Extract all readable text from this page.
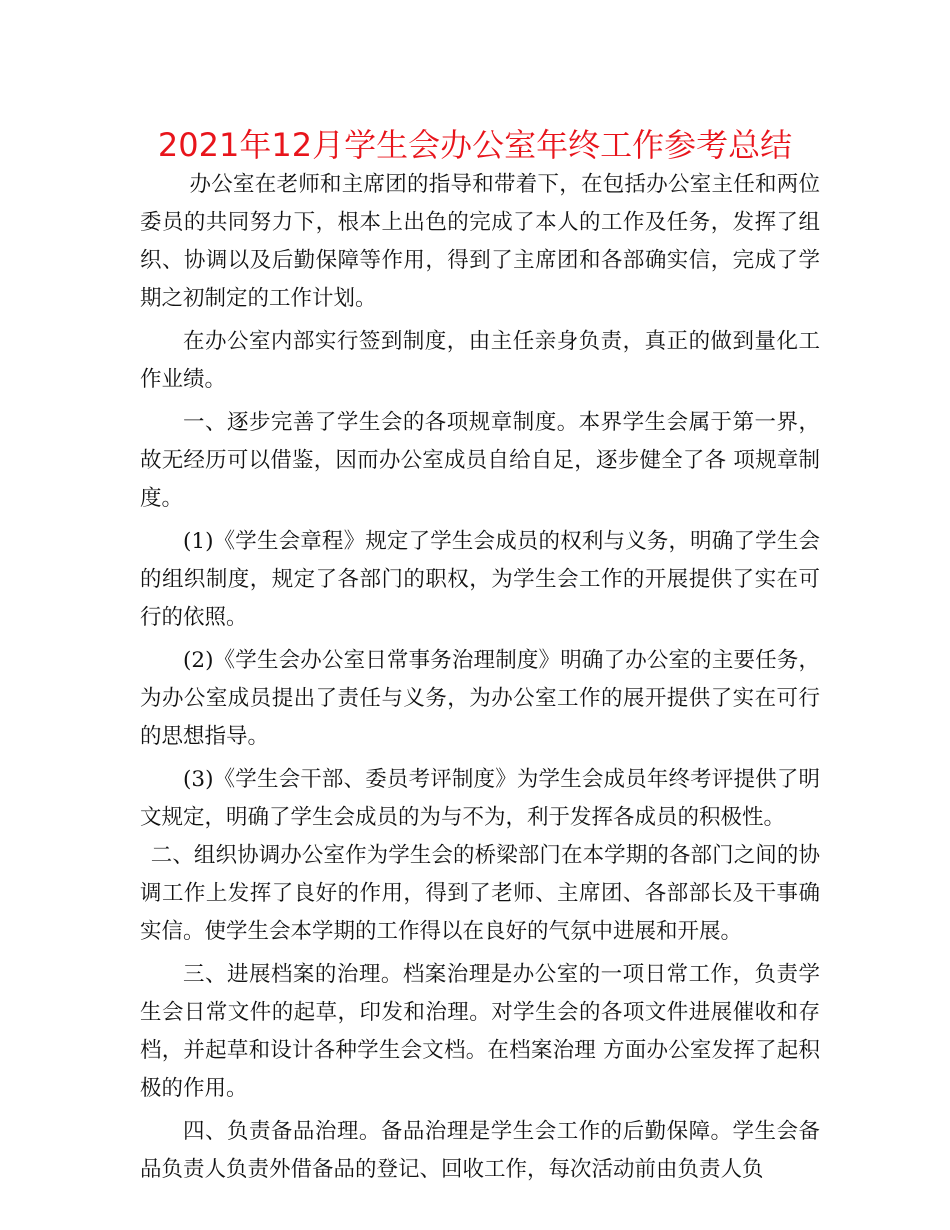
2021年12月学生会办公室年终工作参考总结

办公室在老师和主席团的指导和带着下，在包括办公室主任和两位委员的共同努力下，根本上出色的完成了本人的工作及任务，发挥了组织、协调以及后勤保障等作用，得到了主席团和各部确实信，完成了学期之初制定的工作计划。

在办公室内部实行签到制度，由主任亲身负责，真正的做到量化工作业绩。

一、逐步完善了学生会的各项规章制度。本界学生会属于第一界，故无经历可以借鉴，因而办公室成员自给自足，逐步健全了各 项规章制度。

(1)《学生会章程》规定了学生会成员的权利与义务，明确了学生会的组织制度，规定了各部门的职权，为学生会工作的开展提供了实在可行的依照。

(2)《学生会办公室日常事务治理制度》明确了办公室的主要任务，为办公室成员提出了责任与义务，为办公室工作的展开提供了实在可行的思想指导。

(3)《学生会干部、委员考评制度》为学生会成员年终考评提供了明文规定，明确了学生会成员的为与不为，利于发挥各成员的积极性。

二、组织协调办公室作为学生会的桥梁部门在本学期的各部门之间的协调工作上发挥了良好的作用，得到了老师、主席团、各部部长及干事确实信。使学生会本学期的工作得以在良好的气氛中进展和开展。

三、进展档案的治理。档案治理是办公室的一项日常工作，负责学生会日常文件的起草，印发和治理。对学生会的各项文件进展催收和存档，并起草和设计各种学生会文档。在档案治理 方面办公室发挥了起积极的作用。

四、负责备品治理。备品治理是学生会工作的后勤保障。学生会备品负责人负责外借备品的登记、回收工作，每次活动前由负责人负
